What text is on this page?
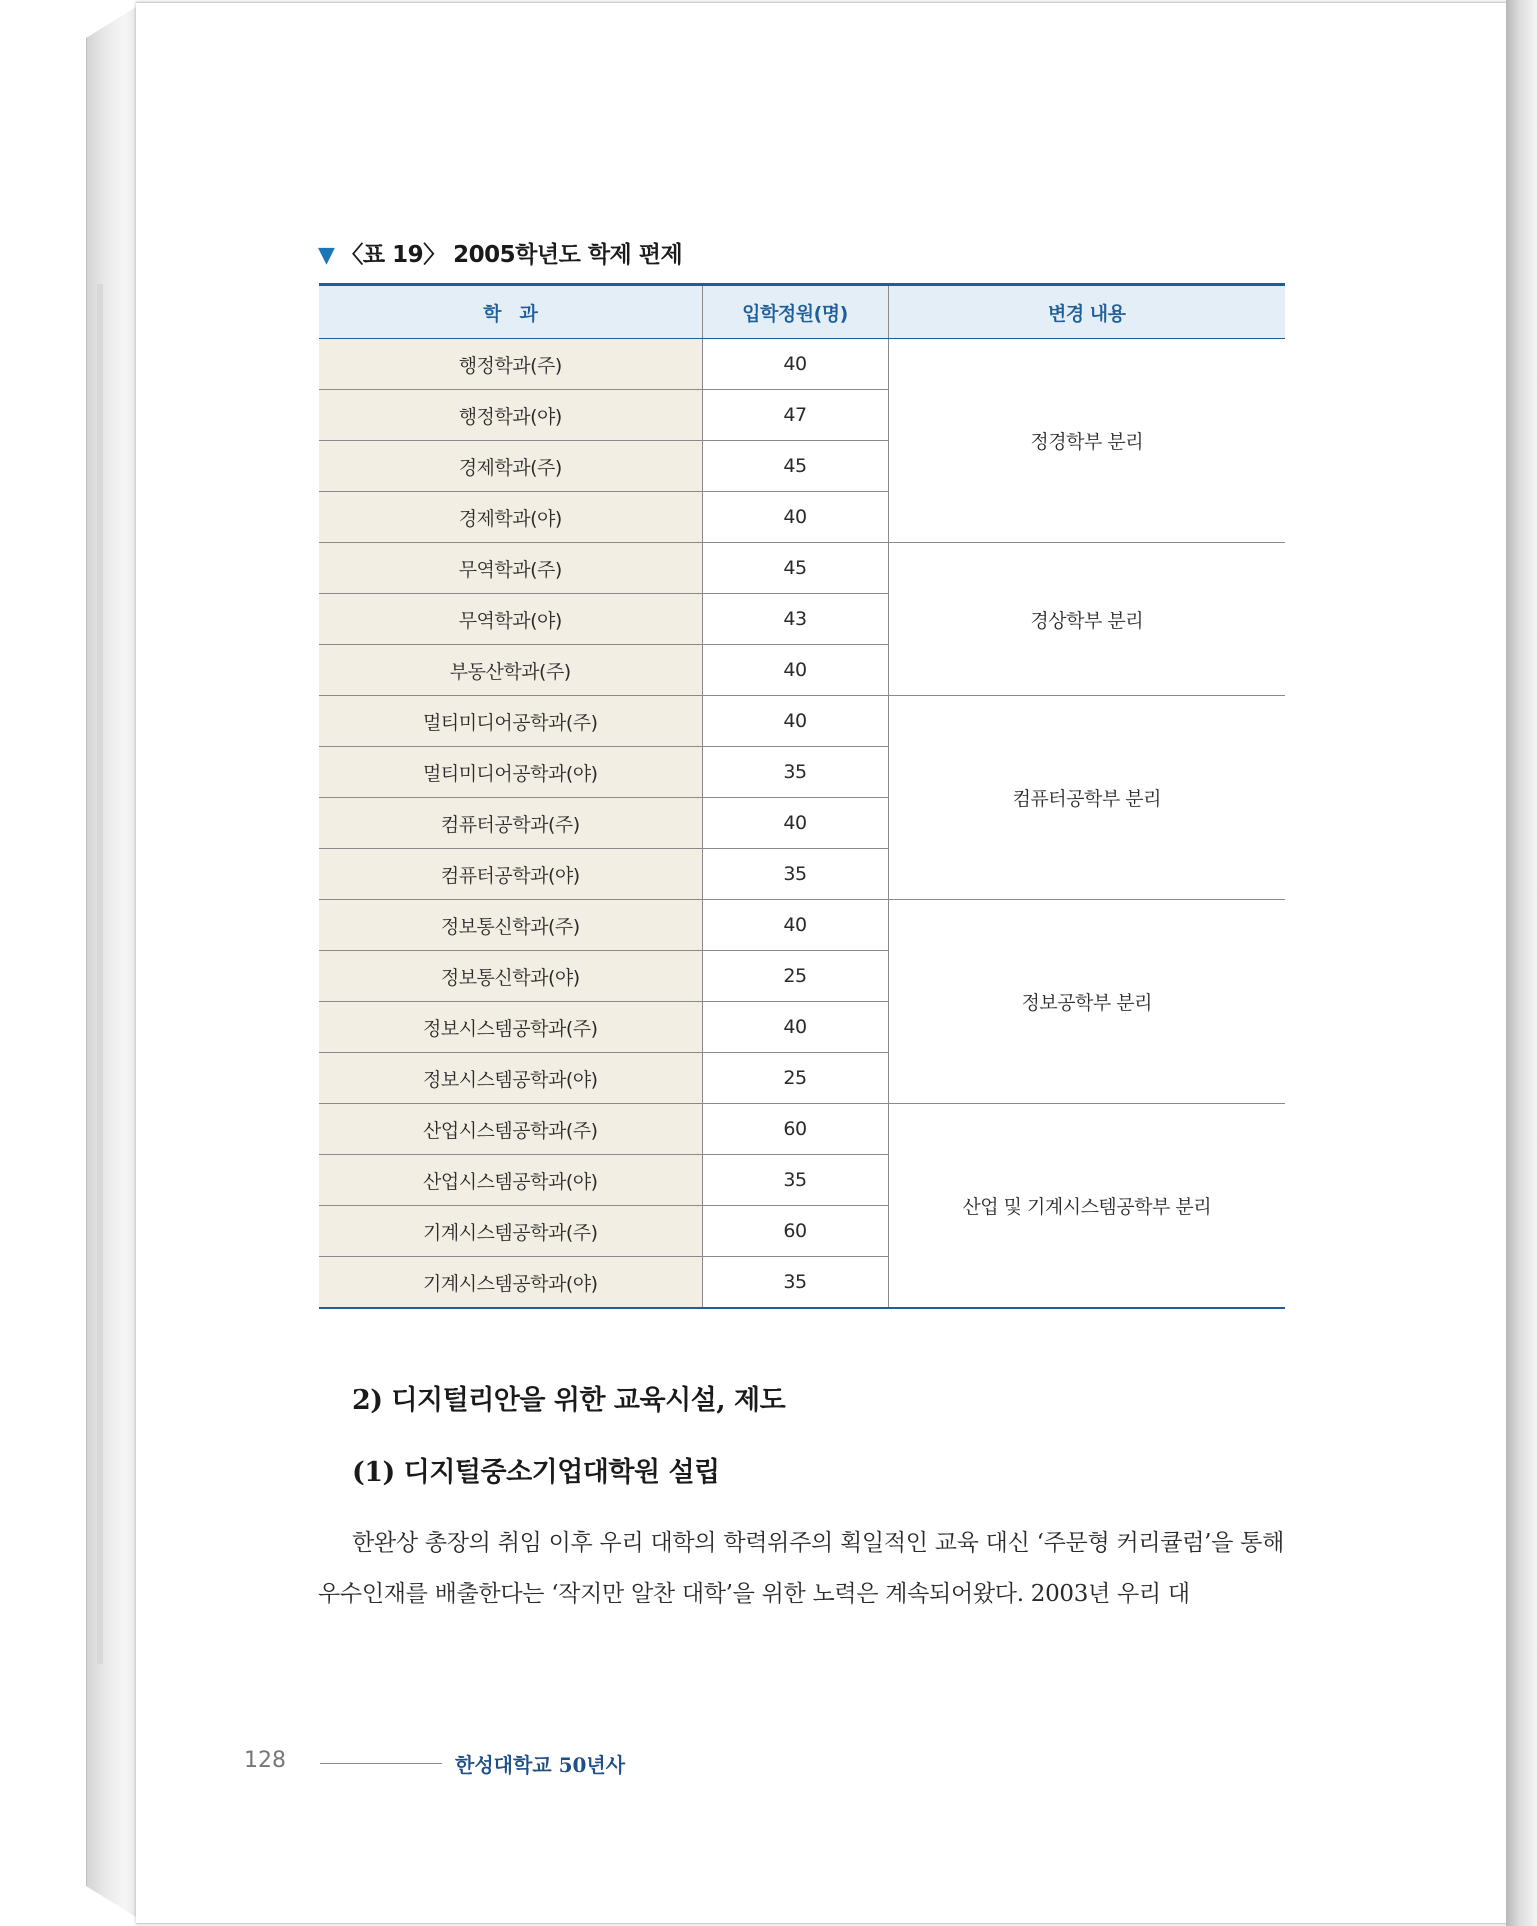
▼ 〈표 19〉 2005학년도 학제 편제
학　과	입학정원(명)	변경 내용
행정학과(주)	40	정경학부 분리
행정학과(야)	47	
경제학과(주)	45	
경제학과(야)	40	
무역학과(주)	45	경상학부 분리
무역학과(야)	43	
부동산학과(주)	40	
멀티미디어공학과(주)	40	컴퓨터공학부 분리
멀티미디어공학과(야)	35	
컴퓨터공학과(주)	40	
컴퓨터공학과(야)	35	
정보통신학과(주)	40	정보공학부 분리
정보통신학과(야)	25	
정보시스템공학과(주)	40	
정보시스템공학과(야)	25	
산업시스템공학과(주)	60	산업 및 기계시스템공학부 분리
산업시스템공학과(야)	35	
기계시스템공학과(주)	60	
기계시스템공학과(야)	35	
2) 디지털리안을 위한 교육시설, 제도
(1) 디지털중소기업대학원 설립
한완상 총장의 취임 이후 우리 대학의 학력위주의 획일적인 교육 대신 ‘주문형 커리큘럼’을 통해 우수인재를 배출한다는 ‘작지만 알찬 대학’을 위한 노력은 계속되어왔다. 2003년 우리 대
128	한성대학교 50년사
